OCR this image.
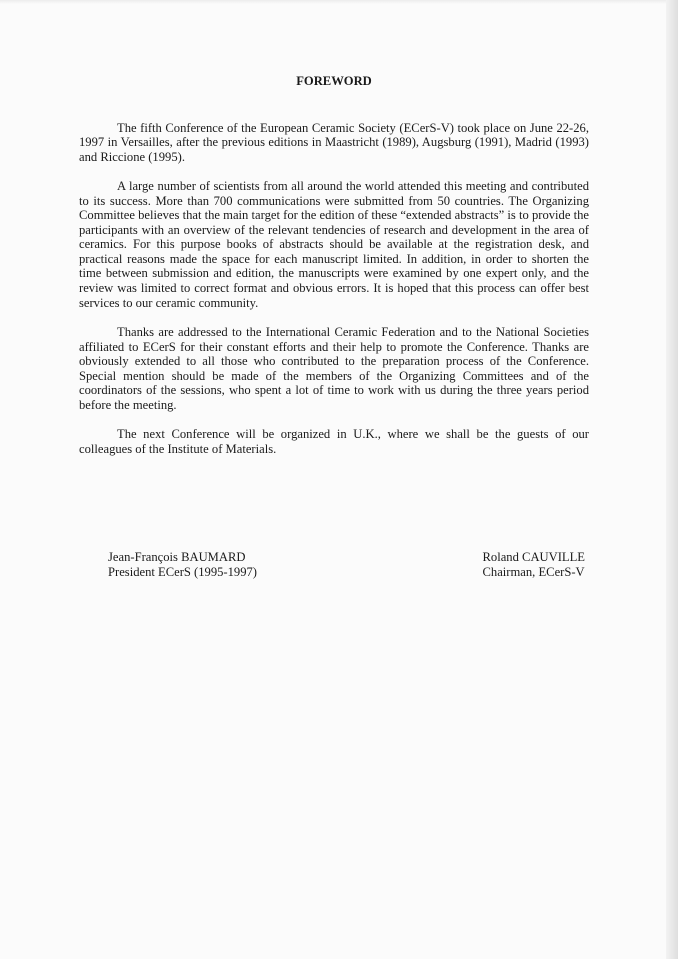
FOREWORD

The fifth Conference of the European Ceramic Society (ECerS-V) took place on June 22-26, 1997 in Versailles, after the previous editions in Maastricht (1989), Augsburg (1991), Madrid (1993) and Riccione (1995).

A large number of scientists from all around the world attended this meeting and contributed to its success. More than 700 communications were submitted from 50 countries. The Organizing Committee believes that the main target for the edition of these “extended abstracts” is to provide the participants with an overview of the relevant tendencies of research and development in the area of ceramics. For this purpose books of abstracts should be available at the registration desk, and practical reasons made the space for each manuscript limited. In addition, in order to shorten the time between submission and edition, the manuscripts were examined by one expert only, and the review was limited to correct format and obvious errors. It is hoped that this process can offer best services to our ceramic community.

Thanks are addressed to the International Ceramic Federation and to the National Societies affiliated to ECerS for their constant efforts and their help to promote the Conference. Thanks are obviously extended to all those who contributed to the preparation process of the Conference. Special mention should be made of the members of the Organizing Committees and of the coordinators of the sessions, who spent a lot of time to work with us during the three years period before the meeting.

The next Conference will be organized in U.K., where we shall be the guests of our colleagues of the Institute of Materials.

Jean-François BAUMARD
President ECerS (1995-1997)
Roland CAUVILLE
Chairman, ECerS-V
